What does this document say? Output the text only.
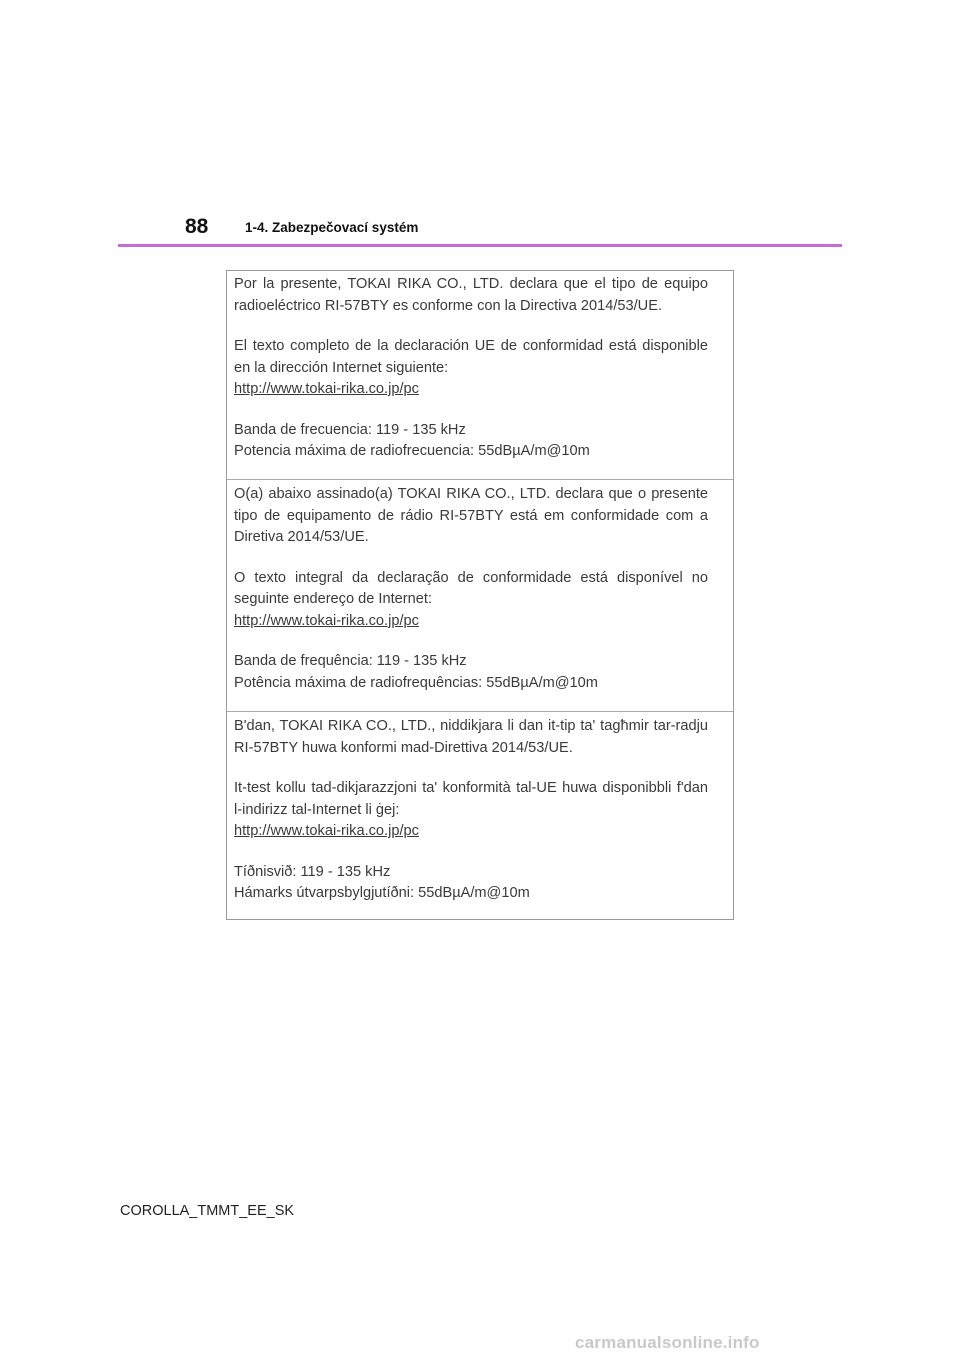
88	1-4. Zabezpečovací systém

Por la presente, TOKAI RIKA CO., LTD. declara que el tipo de equipo radioeléctrico RI-57BTY es conforme con la Directiva 2014/53/UE.

El texto completo de la declaración UE de conformidad está disponible en la dirección Internet siguiente:

http://www.tokai-rika.co.jp/pc

Banda de frecuencia: 119 - 135 kHz

Potencia máxima de radiofrecuencia: 55dBµA/m@10m

O(a) abaixo assinado(a) TOKAI RIKA CO., LTD. declara que o presente tipo de equipamento de rádio RI-57BTY está em conformidade com a Diretiva 2014/53/UE.

O texto integral da declaração de conformidade está disponível no seguinte endereço de Internet:

http://www.tokai-rika.co.jp/pc

Banda de frequência: 119 - 135 kHz

Potência máxima de radiofrequências: 55dBµA/m@10m

B'dan, TOKAI RIKA CO., LTD., niddikjara li dan it-tip ta' tagħmir tar-radju RI-57BTY huwa konformi mad-Direttiva 2014/53/UE.

It-test kollu tad-dikjarazzjoni ta' konformità tal-UE huwa disponibbli f'dan l-indirizz tal-Internet li ġej:

http://www.tokai-rika.co.jp/pc

Tíðnisvið: 119 - 135 kHz

Hámarks útvarpsbylgjutíðni: 55dBµA/m@10m

COROLLA_TMMT_EE_SK
carmanualsonline.info
